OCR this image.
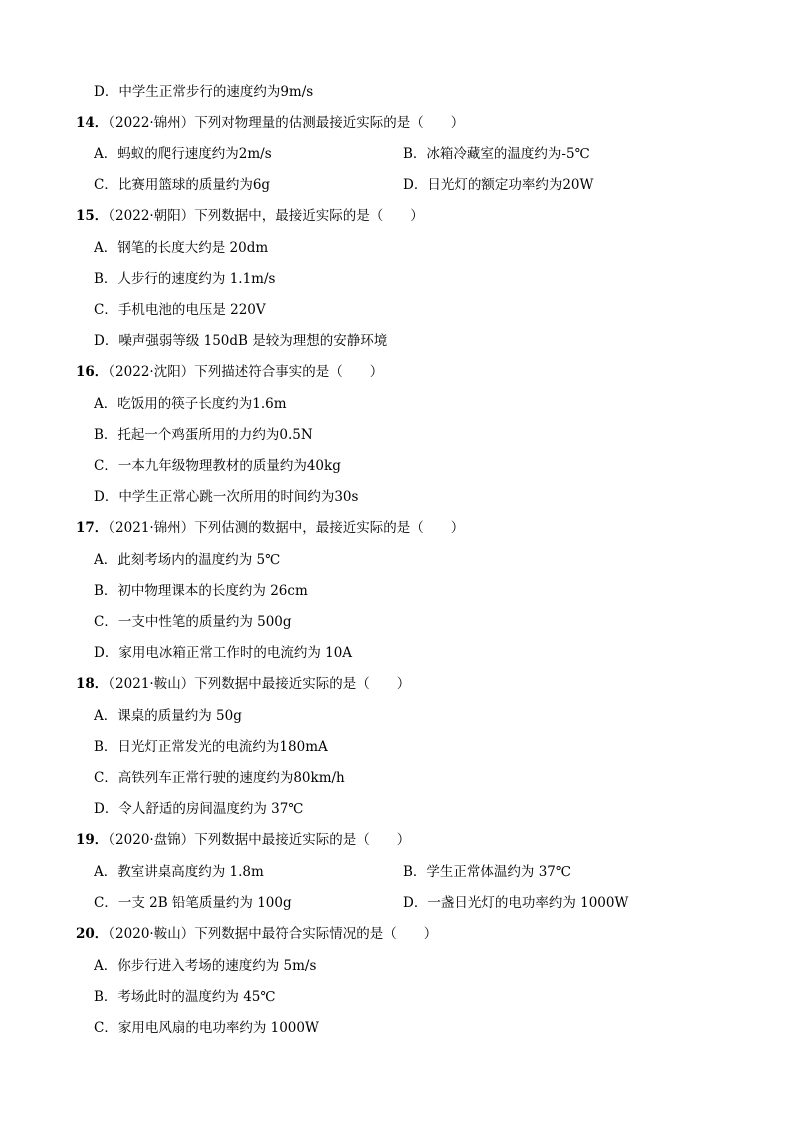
D．中学生正常步行的速度约为9m/s
14．（2022·锦州）下列对物理量的估测最接近实际的是（　　）
A．蚂蚁的爬行速度约为2m/s	B．冰箱冷藏室的温度约为-5℃
C．比赛用篮球的质量约为6g	D．日光灯的额定功率约为20W
15．（2022·朝阳）下列数据中，最接近实际的是（　　）
A．钢笔的长度大约是 20dm
B．人步行的速度约为 1.1m/s
C．手机电池的电压是 220V
D．噪声强弱等级 150dB 是较为理想的安静环境
16．（2022·沈阳）下列描述符合事实的是（　　）
A．吃饭用的筷子长度约为1.6m
B．托起一个鸡蛋所用的力约为0.5N
C．一本九年级物理教材的质量约为40kg
D．中学生正常心跳一次所用的时间约为30s
17．（2021·锦州）下列估测的数据中，最接近实际的是（　　）
A．此刻考场内的温度约为 5℃
B．初中物理课本的长度约为 26cm
C．一支中性笔的质量约为 500g
D．家用电冰箱正常工作时的电流约为 10A
18．（2021·鞍山）下列数据中最接近实际的是（　　）
A．课桌的质量约为 50g
B．日光灯正常发光的电流约为180mA
C．高铁列车正常行驶的速度约为80km/h
D．令人舒适的房间温度约为 37℃
19．（2020·盘锦）下列数据中最接近实际的是（　　）
A．教室讲桌高度约为 1.8m	B．学生正常体温约为 37℃
C．一支 2B 铅笔质量约为 100g	D．一盏日光灯的电功率约为 1000W
20．（2020·鞍山）下列数据中最符合实际情况的是（　　）
A．你步行进入考场的速度约为 5m/s
B．考场此时的温度约为 45℃
C．家用电风扇的电功率约为 1000W
